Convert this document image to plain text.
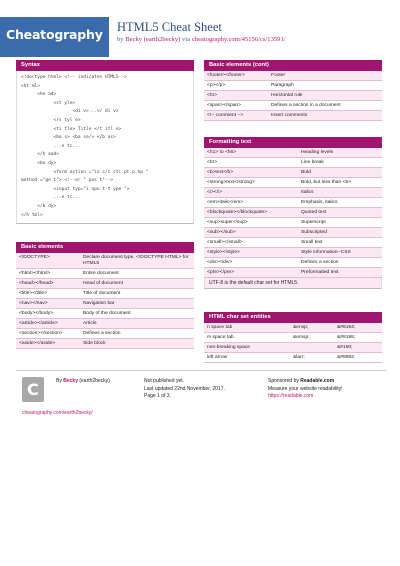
Cheatography HTML5 Cheat Sheet
by Becky (earth2becky) via cheatography.com/45156/cs/13591/
Syntax
<!doctype html> <!-- indicates HTML5-->
<ht ml>
<he ad>
<st yle>
<di v>...</ di v>
</s tyl e>
<ti tle> Title </t itl e>
<ba s> <ba se/> </b as>
...e tc...
</h ead>
<bo dy>
<form action ="in c/c cti pt.p hp "
method ="ge t"> <!--or " pos t"-->
<input typ="i npu t-t ype ">
...e tc...
</b dy>
</h tml>
Basic elements
<!DOCTYPE>	Declare document type, <!DOCTYPE HTML> for HTML5
<html></html>	Entire document
<head></head>	Head of document
<title></title>	Title of document
<nav></nav>	Navigation bar
<body></body>	Body of the document
<article></article>	Article
<section></section>	Defines a section
<aside></aside>	Side block
Basic elements (cont)
<footer></footer>	Footer
<p></p>	Paragraph
<hr>	Horizontal rule
<span></span>	Defines a section in a document
<!-- comment -->	Insert comments
Formatting text
<h1> to <h6>	Heading levels
<br>	Line break
<b>text</b>	Bold
<strong>text</strong>	Bold, but less than <b>
<i></i>	Italics
<em>italic</em>	Emphasis, italics
<blockquote></blockquote>	Quoted text
<sup>super</sup>	Superscript
<sub></sub>	Subscripted
<small></small>	Small text
<style></style>	Style information--CSS
<div></div>	Defines a section
<pre></pre>	Preformatted text
UTF-8 is the default char set for HTML5.
HTML char set entities
n space tab	&ensp;	&#8194;
m space tab	&emsp;	&#8195;
non-breaking space		&#160;
left arrow	&larr;	&#8592;
C	By Becky (earth2becky)	Not published yet.
Last updated 22nd November, 2017.
Page 1 of 3.
Sponsored by Readable.com
Measure your website readability!
https://readable.com
cheatography.com/earth2becky/
